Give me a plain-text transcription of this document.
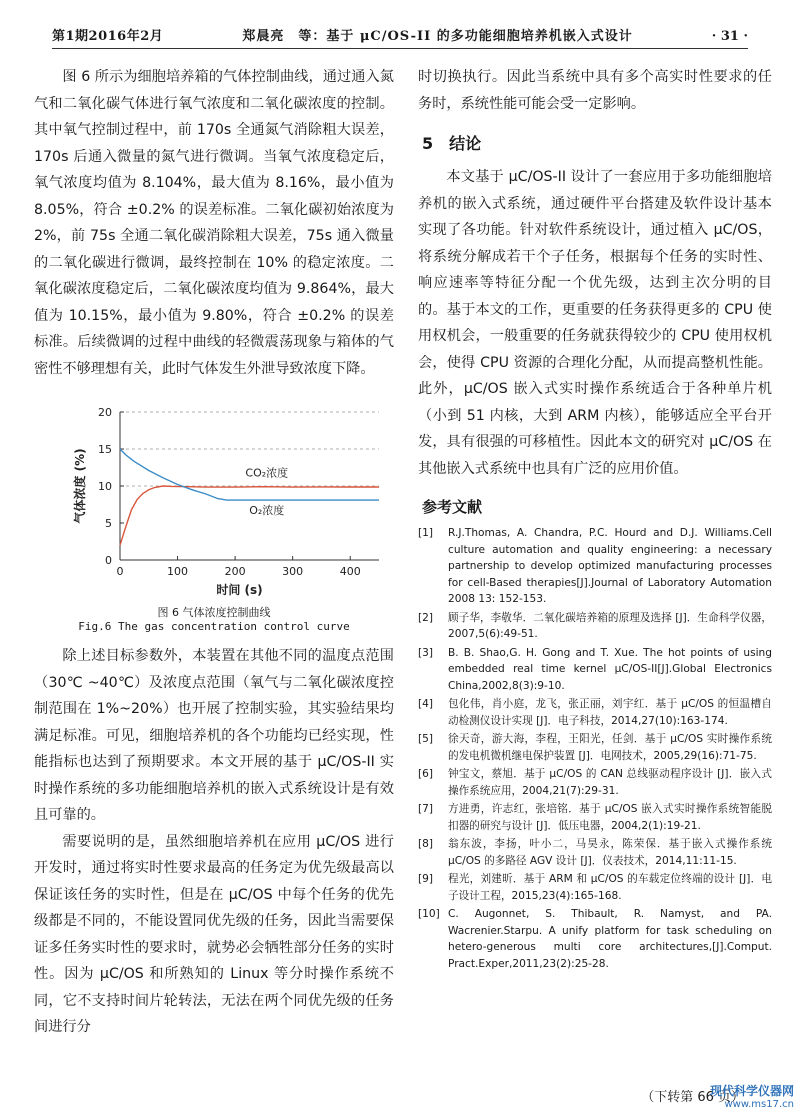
第1期2016年2月	郑晨亮　等：基于 μC/OS-II 的多功能细胞培养机嵌入式设计	· 31 ·

图 6 所示为细胞培养箱的气体控制曲线，通过通入氮气和二氧化碳气体进行氧气浓度和二氧化碳浓度的控制。其中氧气控制过程中，前 170s 全通氮气消除粗大误差，170s 后通入微量的氮气进行微调。当氧气浓度稳定后，氧气浓度均值为 8.104%，最大值为 8.16%，最小值为 8.05%，符合 ±0.2% 的误差标准。二氧化碳初始浓度为 2%，前 75s 全通二氧化碳消除粗大误差，75s 通入微量的二氧化碳进行微调，最终控制在 10% 的稳定浓度。二氧化碳浓度稳定后，二氧化碳浓度均值为 9.864%，最大值为 10.15%，最小值为 9.80%，符合 ±0.2% 的误差标准。后续微调的过程中曲线的轻微震荡现象与箱体的气密性不够理想有关，此时气体发生外泄导致浓度下降。

0
5
10
15
20
0	100	200	300	400
时间 (s)
气体浓度 (%)	CO₂浓度
O₂浓度
图 6 气体浓度控制曲线
Fig.6 The gas concentration control curve

除上述目标参数外，本装置在其他不同的温度点范围（30℃ ~40℃）及浓度点范围（氧气与二氧化碳浓度控制范围在 1%~20%）也开展了控制实验，其实验结果均满足标准。可见，细胞培养机的各个功能均已经实现，性能指标也达到了预期要求。本文开展的基于 μC/OS-II 实时操作系统的多功能细胞培养机的嵌入式系统设计是有效且可靠的。

需要说明的是，虽然细胞培养机在应用 μC/OS 进行开发时，通过将实时性要求最高的任务定为优先级最高以保证该任务的实时性，但是在 μC/OS 中每个任务的优先级都是不同的，不能设置同优先级的任务，因此当需要保证多任务实时性的要求时，就势必会牺牲部分任务的实时性。因为 μC/OS 和所熟知的 Linux 等分时操作系统不同，它不支持时间片轮转法，无法在两个同优先级的任务间进行分

时切换执行。因此当系统中具有多个高实时性要求的任务时，系统性能可能会受一定影响。

5　结论

本文基于 μC/OS-II 设计了一套应用于多功能细胞培养机的嵌入式系统，通过硬件平台搭建及软件设计基本实现了各功能。针对软件系统设计，通过植入 μC/OS，将系统分解成若干个子任务，根据每个任务的实时性、响应速率等特征分配一个优先级，达到主次分明的目的。基于本文的工作，更重要的任务获得更多的 CPU 使用权机会，一般重要的任务就获得较少的 CPU 使用权机会，使得 CPU 资源的合理化分配，从而提高整机性能。此外，μC/OS 嵌入式实时操作系统适合于各种单片机（小到 51 内核，大到 ARM 内核），能够适应全平台开发，具有很强的可移植性。因此本文的研究对 μC/OS 在其他嵌入式系统中也具有广泛的应用价值。

参考文献
[1] R.J.Thomas, A. Chandra, P.C. Hourd and D.J. Williams.Cell culture automation and quality engineering: a necessary partnership to develop optimized manufacturing processes for cell-Based therapies[J].Journal of Laboratory Automation 2008 13: 152-153.
[2] 顾子华，李敬华．二氧化碳培养箱的原理及选择 [J]．生命科学仪器，2007,5(6):49-51.
[3] B. B. Shao,G. H. Gong and T. Xue. The hot points of using embedded real time kernel μC/OS-II[J].Global Electronics China,2002,8(3):9-10.
[4] 包化伟，肖小庭，龙飞，张正丽，刘宇红．基于 μC/OS 的恒温槽自动检测仪设计实现 [J]．电子科技，2014,27(10):163-174.
[5] 徐天奇，游大海，李程，王阳光，任剑．基于 μC/OS 实时操作系统的发电机微机继电保护装置 [J]．电网技术，2005,29(16):71-75.
[6] 钟宝文，蔡旭．基于 μC/OS 的 CAN 总线驱动程序设计 [J]．嵌入式操作系统应用，2004,21(7):29-31.
[7] 方进勇，许志红，张培铭．基于 μC/OS 嵌入式实时操作系统智能脱扣器的研究与设计 [J]．低压电器，2004,2(1):19-21.
[8] 翁东波，李扬，叶小二，马昊永，陈荣保．基于嵌入式操作系统 μC/OS 的多路径 AGV 设计 [J]．仪表技术，2014,11:11-15.
[9] 程光，刘建昕．基于 ARM 和 μC/OS 的车载定位终端的设计 [J]．电子设计工程，2015,23(4):165-168.
[10] C. Augonnet, S. Thibault, R. Namyst, and PA. Wacrenier.Starpu. A unify platform for task scheduling on hetero-generous multi core architectures,[J].Comput. Pract.Exper,2011,23(2):25-28.
（下转第 66 页）
现代科学仪器网
www.ms17.cn
